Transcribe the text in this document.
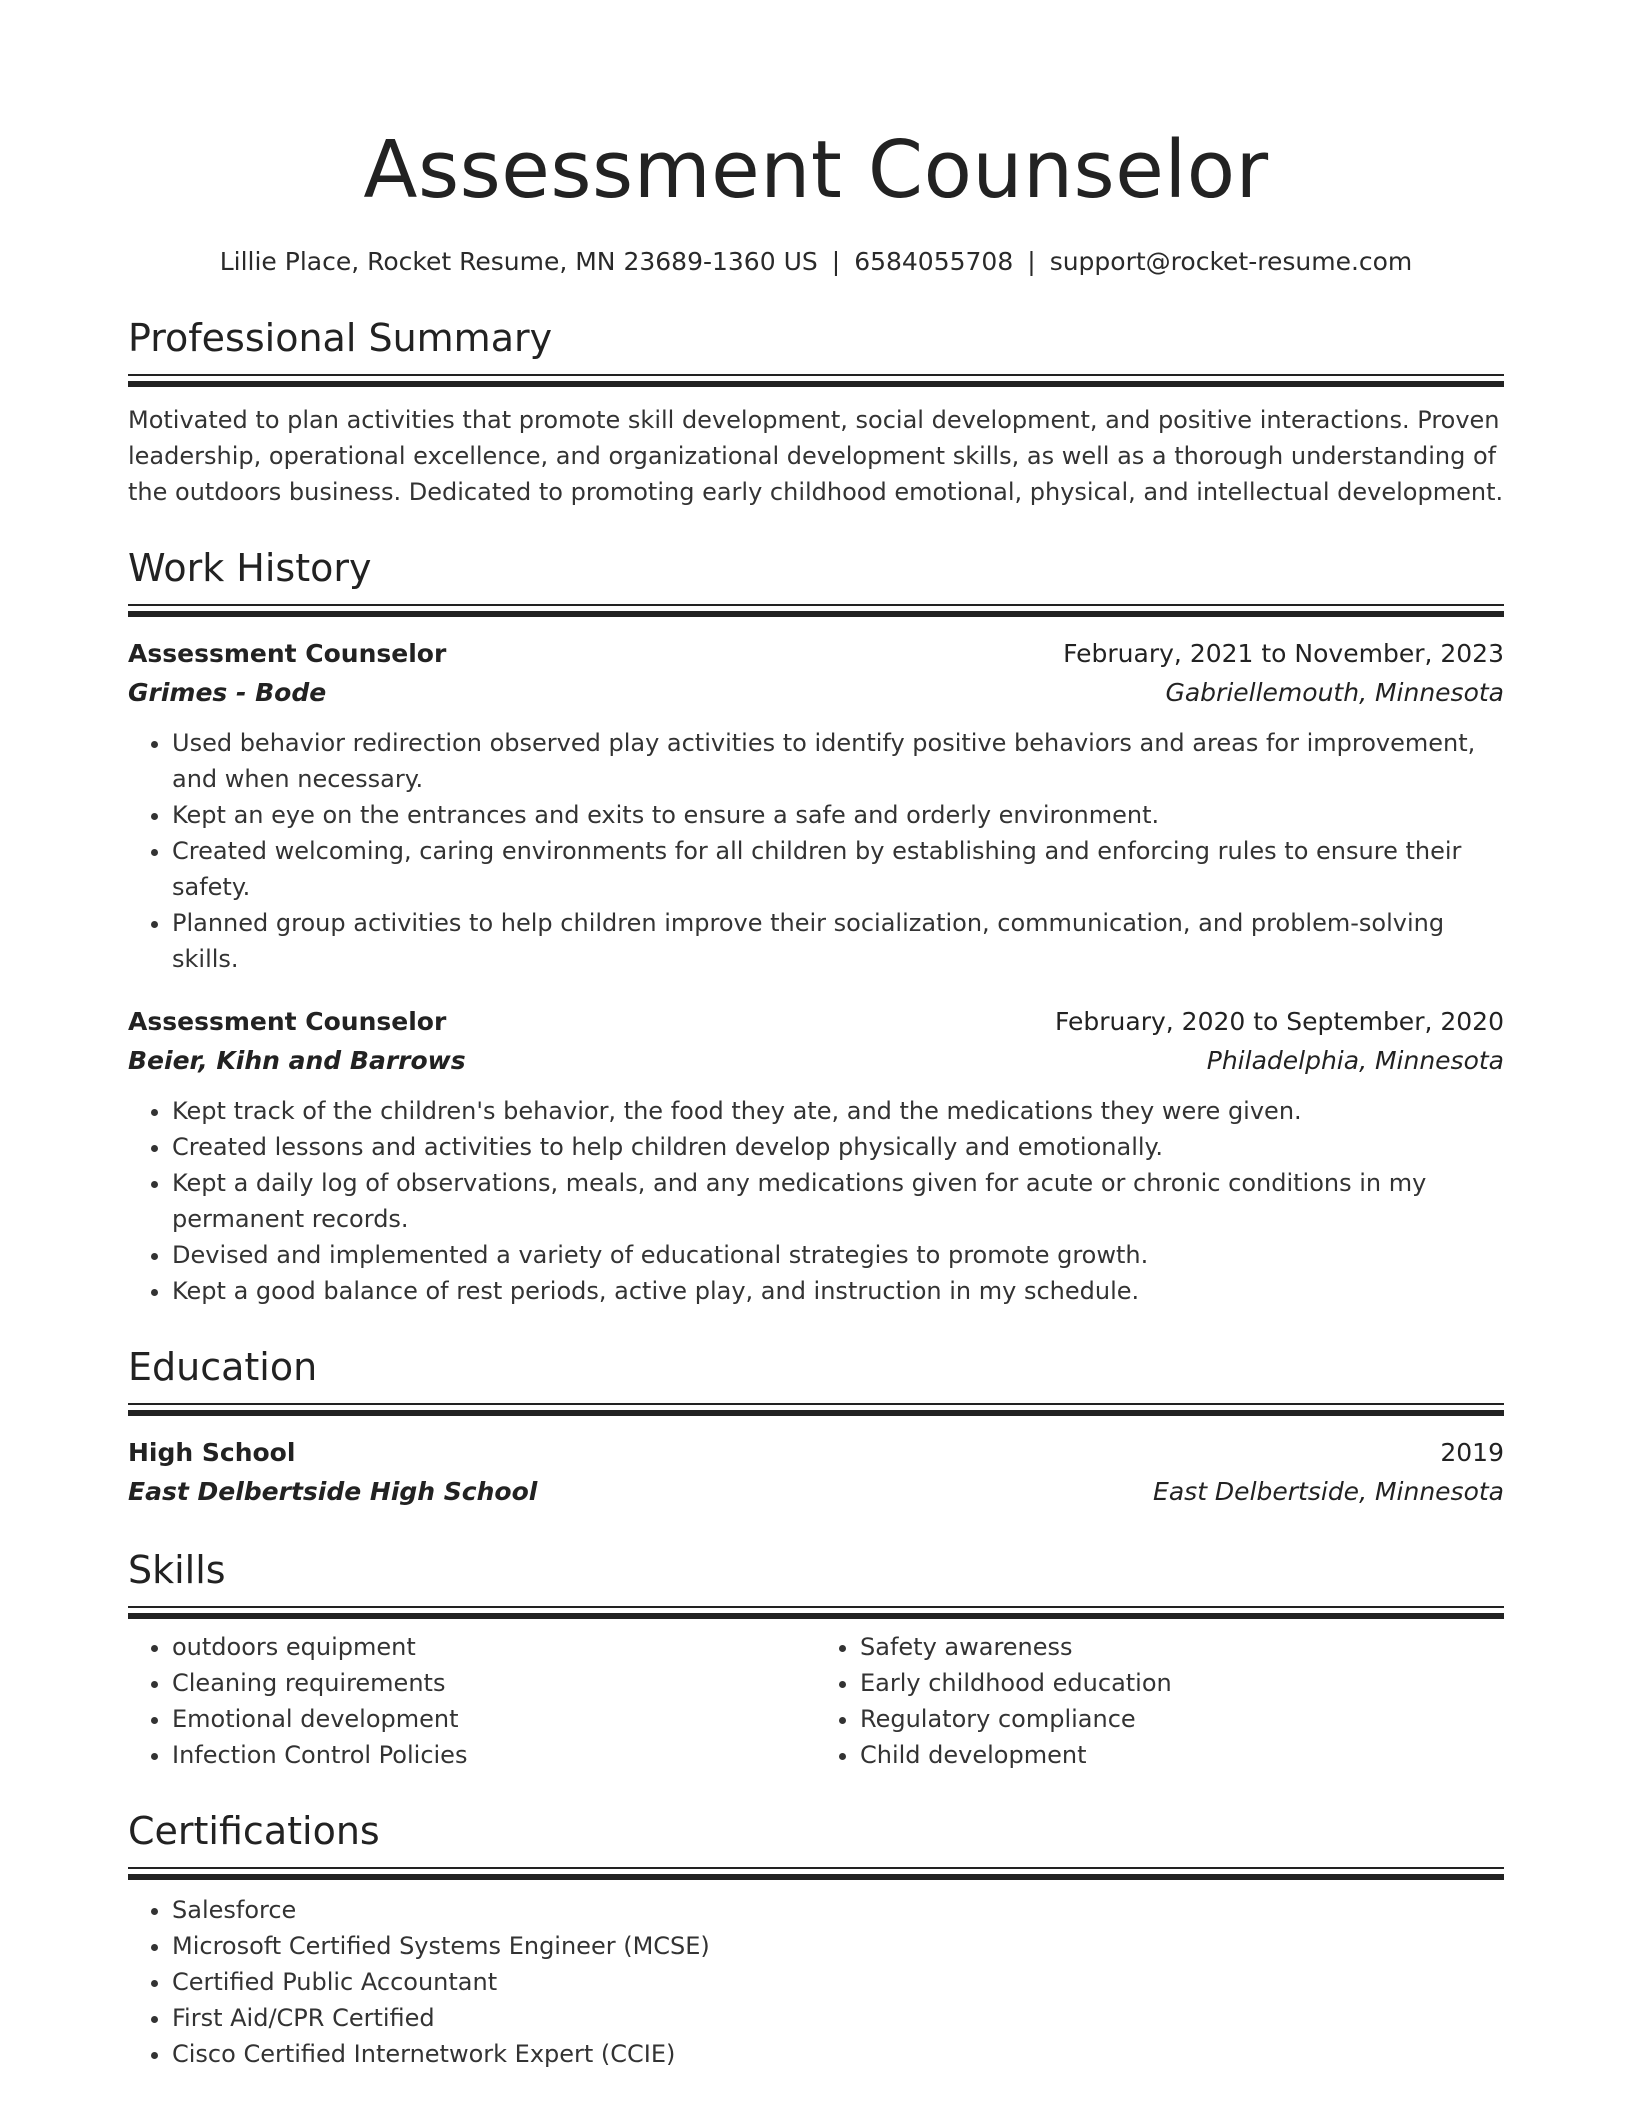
Assessment Counselor
Lillie Place, Rocket Resume, MN 23689-1360 US | 6584055708 | support@rocket-resume.com
Professional Summary
Motivated to plan activities that promote skill development, social development, and positive interactions. Proven leadership, operational excellence, and organizational development skills, as well as a thorough understanding of the outdoors business. Dedicated to promoting early childhood emotional, physical, and intellectual development.
Work History
Assessment Counselor	February, 2021 to November, 2023
Grimes - Bode	Gabriellemouth, Minnesota
• Used behavior redirection observed play activities to identify positive behaviors and areas for improvement, and when necessary.
• Kept an eye on the entrances and exits to ensure a safe and orderly environment.
• Created welcoming, caring environments for all children by establishing and enforcing rules to ensure their safety.
• Planned group activities to help children improve their socialization, communication, and problem-solving skills.
Assessment Counselor	February, 2020 to September, 2020
Beier, Kihn and Barrows	Philadelphia, Minnesota
• Kept track of the children's behavior, the food they ate, and the medications they were given.
• Created lessons and activities to help children develop physically and emotionally.
• Kept a daily log of observations, meals, and any medications given for acute or chronic conditions in my permanent records.
• Devised and implemented a variety of educational strategies to promote growth.
• Kept a good balance of rest periods, active play, and instruction in my schedule.
Education
High School	2019
East Delbertside High School	East Delbertside, Minnesota
Skills
• outdoors equipment
• Cleaning requirements
• Emotional development
• Infection Control Policies
• Safety awareness
• Early childhood education
• Regulatory compliance
• Child development
Certifications
• Salesforce
• Microsoft Certified Systems Engineer (MCSE)
• Certified Public Accountant
• First Aid/CPR Certified
• Cisco Certified Internetwork Expert (CCIE)
